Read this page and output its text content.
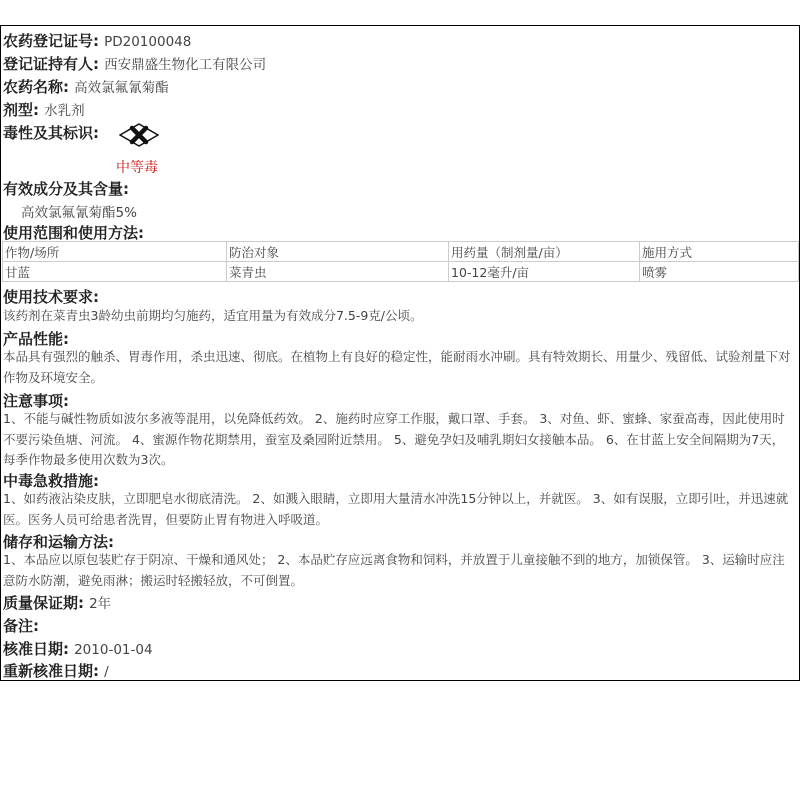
农药登记证号: PD20100048
登记证持有人: 西安鼎盛生物化工有限公司
农药名称: 高效氯氟氰菊酯
剂型: 水乳剂
毒性及其标识:
中等毒
有效成分及其含量:
高效氯氟氰菊酯5%
使用范围和使用方法:
作物/场所	防治对象	用药量（制剂量/亩）	施用方式
甘蓝	菜青虫	10-12毫升/亩	喷雾
使用技术要求:
该药剂在菜青虫3龄幼虫前期均匀施药，适宜用量为有效成分7.5-9克/公顷。
产品性能:
本品具有强烈的触杀、胃毒作用，杀虫迅速、彻底。在植物上有良好的稳定性，能耐雨水冲刷。具有特效期长、用量少、残留低、试验剂量下对作物及环境安全。
注意事项:
1、不能与碱性物质如波尔多液等混用，以免降低药效。 2、施药时应穿工作服，戴口罩、手套。 3、对鱼、虾、蜜蜂、家蚕高毒，因此使用时不要污染鱼塘、河流。 4、蜜源作物花期禁用，蚕室及桑园附近禁用。 5、避免孕妇及哺乳期妇女接触本品。 6、在甘蓝上安全间隔期为7天，每季作物最多使用次数为3次。
中毒急救措施:
1、如药液沾染皮肤，立即肥皂水彻底清洗。 2、如溅入眼睛，立即用大量清水冲洗15分钟以上，并就医。 3、如有误服，立即引吐，并迅速就医。医务人员可给患者洗胃，但要防止胃有物进入呼吸道。
储存和运输方法:
1、本品应以原包装贮存于阴凉、干燥和通风处； 2、本品贮存应远离食物和饲料，并放置于儿童接触不到的地方，加锁保管。 3、运输时应注意防水防潮，避免雨淋；搬运时轻搬轻放，不可倒置。
质量保证期: 2年
备注:
核准日期: 2010-01-04
重新核准日期: /
